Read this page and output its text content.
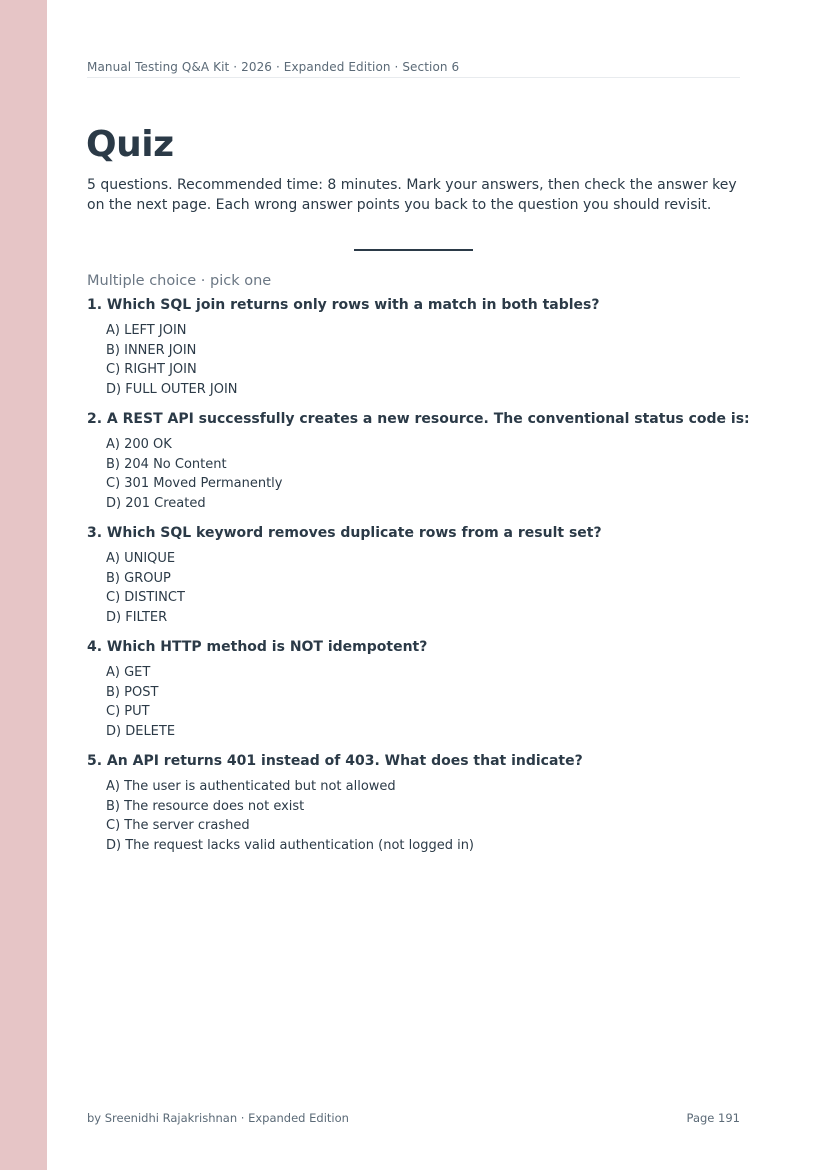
Manual Testing Q&A Kit · 2026 · Expanded Edition · Section 6
Quiz
5 questions. Recommended time: 8 minutes. Mark your answers, then check the answer key on the next page. Each wrong answer points you back to the question you should revisit.
Multiple choice · pick one
1. Which SQL join returns only rows with a match in both tables?
A) LEFT JOIN
B) INNER JOIN
C) RIGHT JOIN
D) FULL OUTER JOIN
2. A REST API successfully creates a new resource. The conventional status code is:
A) 200 OK
B) 204 No Content
C) 301 Moved Permanently
D) 201 Created
3. Which SQL keyword removes duplicate rows from a result set?
A) UNIQUE
B) GROUP
C) DISTINCT
D) FILTER
4. Which HTTP method is NOT idempotent?
A) GET
B) POST
C) PUT
D) DELETE
5. An API returns 401 instead of 403. What does that indicate?
A) The user is authenticated but not allowed
B) The resource does not exist
C) The server crashed
D) The request lacks valid authentication (not logged in)
by Sreenidhi Rajakrishnan · Expanded Edition	Page 191
